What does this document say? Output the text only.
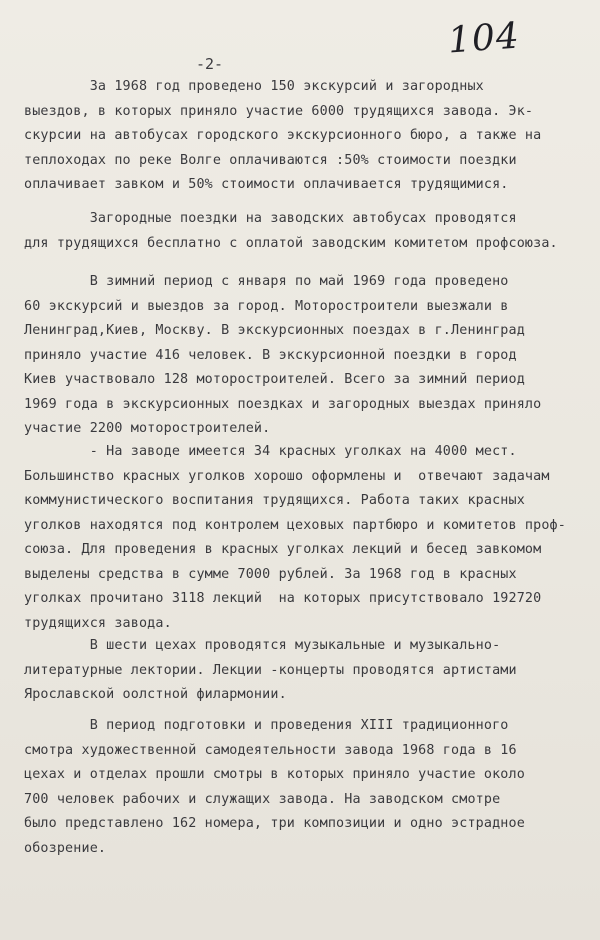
104
-2-
За 1968 год проведено 150 экскурсий и загородных
выездов, в которых приняло участие 6000 трудящихся завода. Эк-
скурсии на автобусах городского экскурсионного бюро, а также на
теплоходах по реке Волге оплачиваются :50% стоимости поездки
оплачивает завком и 50% стоимости оплачивается трудящимися.
Загородные поездки на заводских автобусах проводятся
для трудящихся бесплатно с оплатой заводским комитетом профсоюза.
В зимний период с января по май 1969 года проведено
60 экскурсий и выездов за город. Моторостроители выезжали в
Ленинград,Киев, Москву. В экскурсионных поездах в г.Ленинград
приняло участие 416 человек. В экскурсионной поездки в город
Киев участвовало 128 моторостроителей. Всего за зимний период
1969 года в экскурсионных поездках и загородных выездах приняло
участие 2200 моторостроителей.
- На заводе имеется 34 красных уголках на 4000 мест.
Большинство красных уголков хорошо оформлены и  отвечают задачам
коммунистического воспитания трудящихся. Работа таких красных
уголков находятся под контролем цеховых партбюро и комитетов проф-
союза. Для проведения в красных уголках лекций и бесед завкомом
выделены средства в сумме 7000 рублей. За 1968 год в красных
уголках прочитано 3118 лекций  на которых присутствовало 192720
трудящихся завода.
В шести цехах проводятся музыкальные и музыкально-
литературные лектории. Лекции -концерты проводятся артистами
Ярославской оолстной филармонии.
В период подготовки и проведения XIII традиционного
смотра художественной самодеятельности завода 1968 года в 16
цехах и отделах прошли смотры в которых приняло участие около
700 человек рабочих и служащих завода. На заводском смотре
было представлено 162 номера, три композиции и одно эстрадное
обозрение.
